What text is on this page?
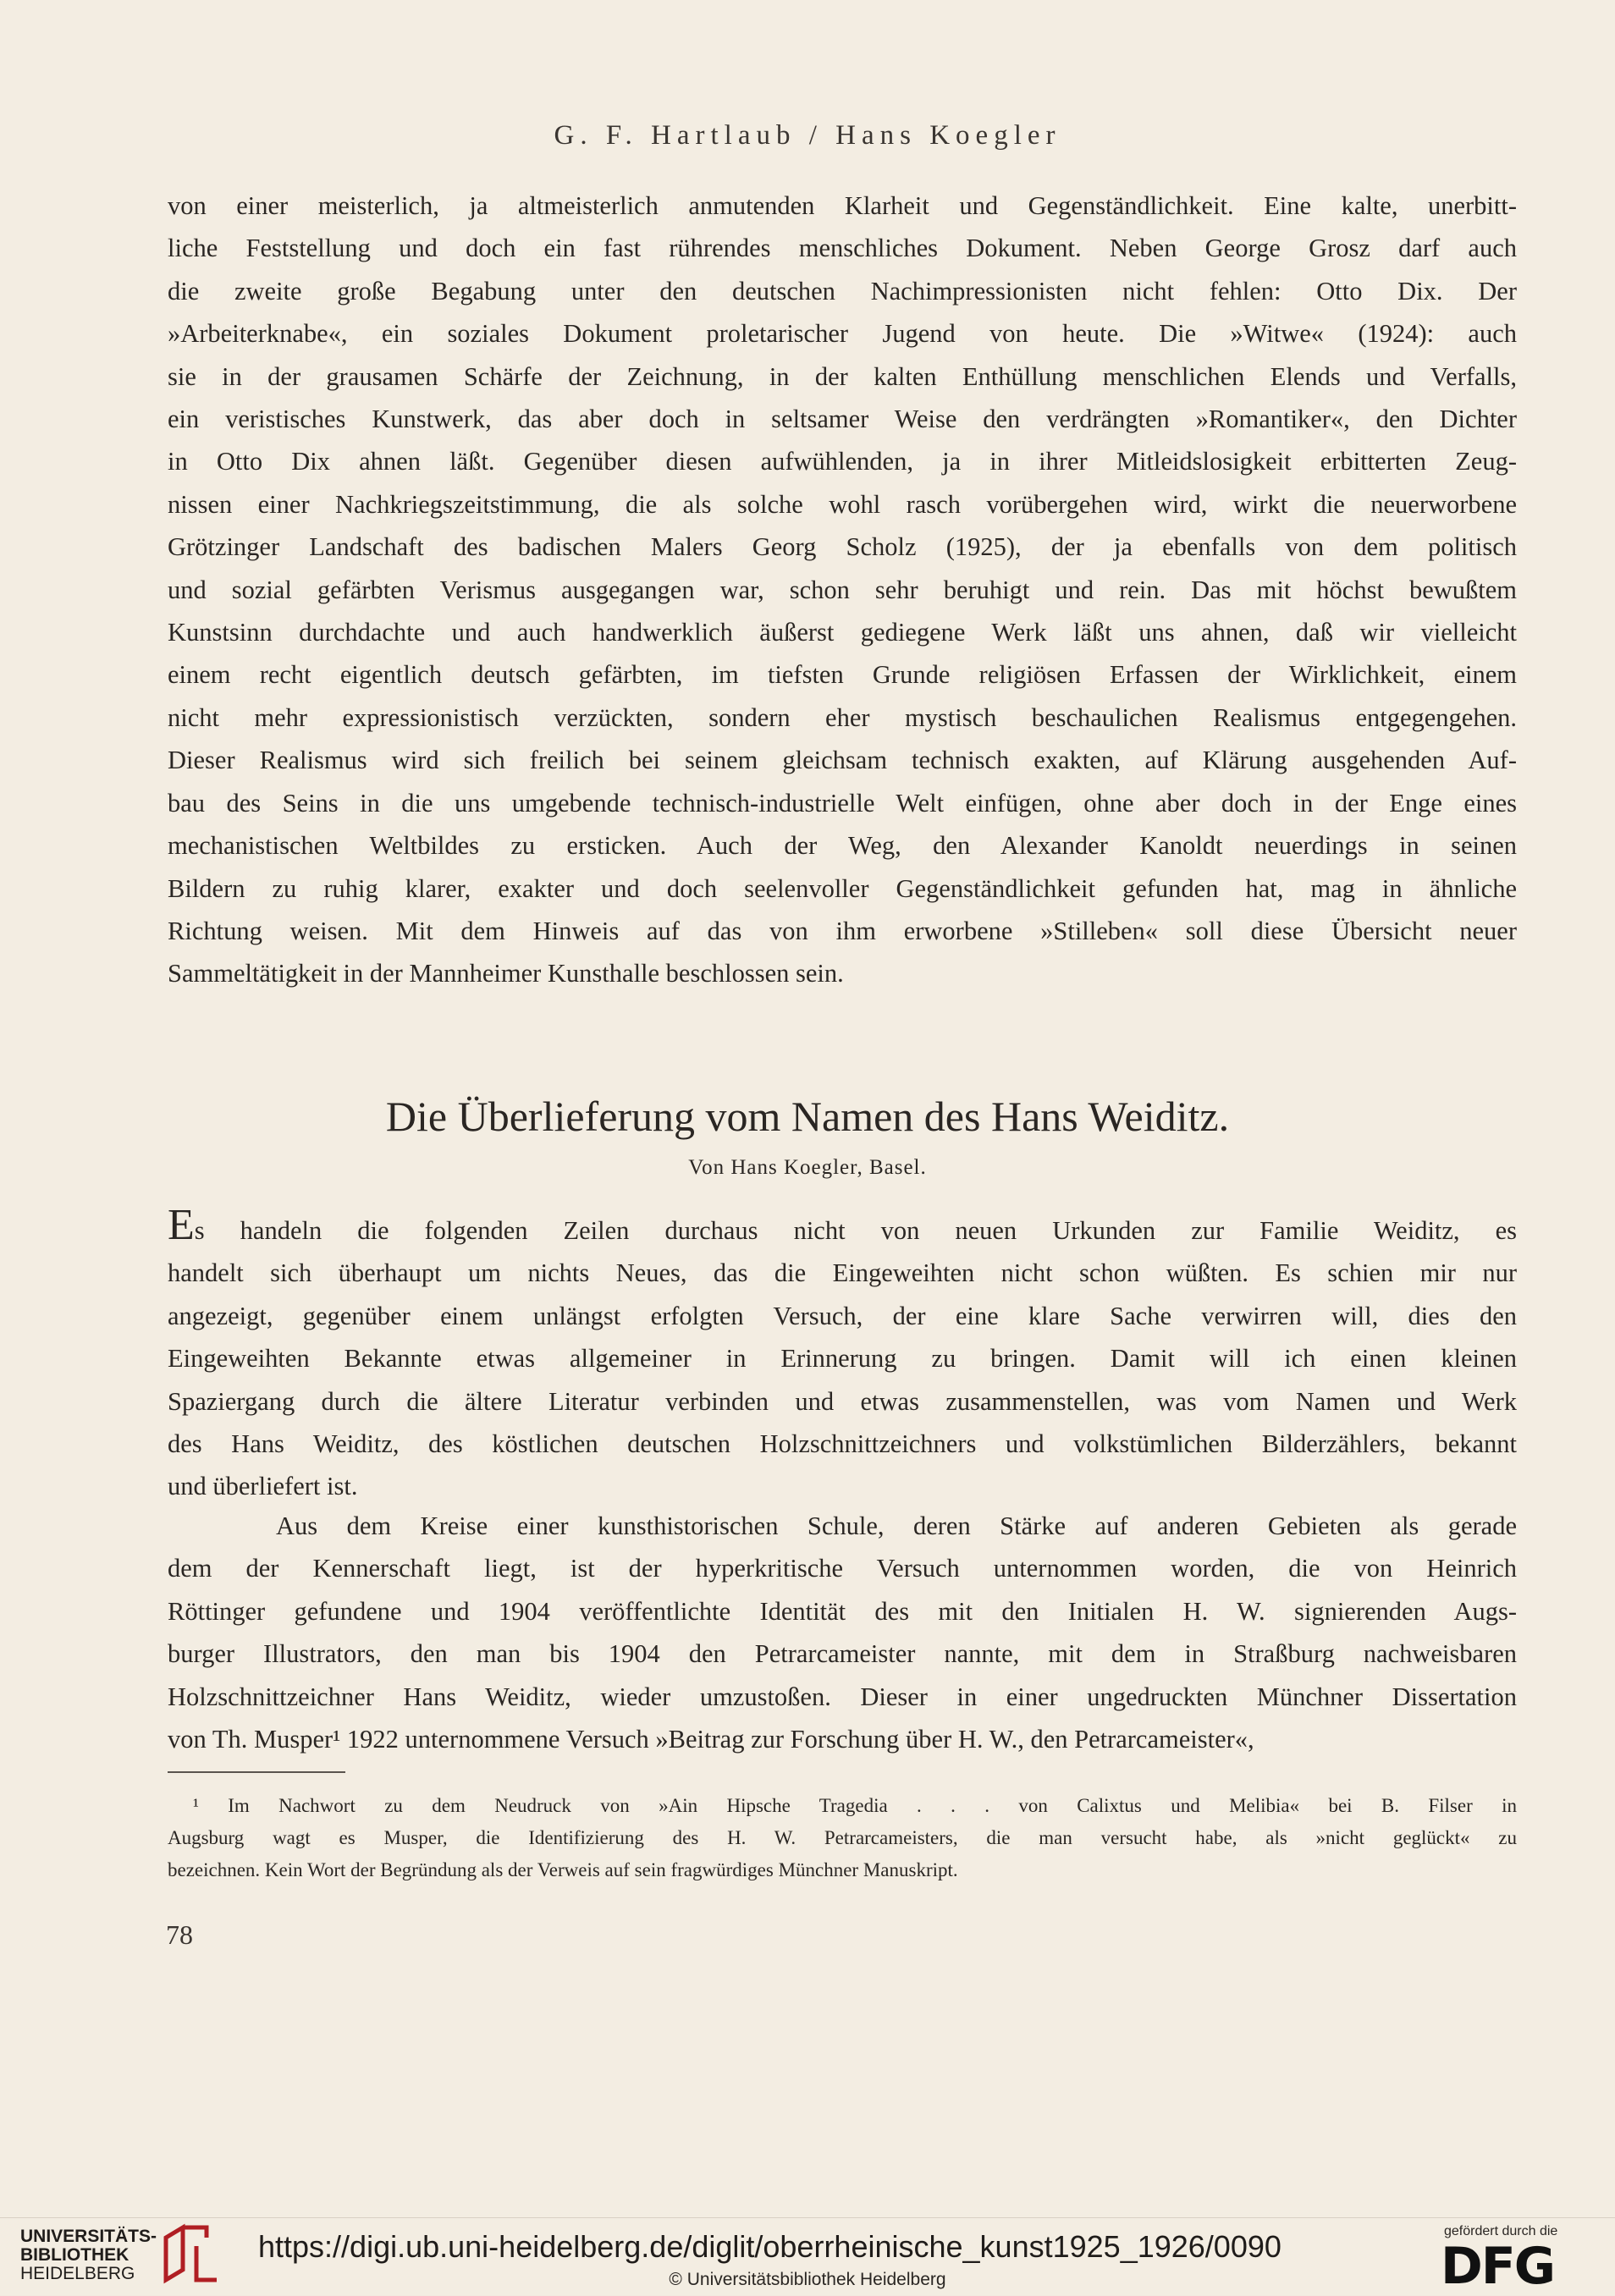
G. F. Hartlaub / Hans Koegler

von einer meisterlich, ja altmeisterlich anmutenden Klarheit und Gegenständlichkeit. Eine kalte, unerbitt-
liche Feststellung und doch ein fast rührendes menschliches Dokument. Neben George Grosz darf auch
die zweite große Begabung unter den deutschen Nachimpressionisten nicht fehlen: Otto Dix. Der
»Arbeiterknabe«, ein soziales Dokument proletarischer Jugend von heute. Die »Witwe« (1924): auch
sie in der grausamen Schärfe der Zeichnung, in der kalten Enthüllung menschlichen Elends und Verfalls,
ein veristisches Kunstwerk, das aber doch in seltsamer Weise den verdrängten »Romantiker«, den Dichter
in Otto Dix ahnen läßt. Gegenüber diesen aufwühlenden, ja in ihrer Mitleidslosigkeit erbitterten Zeug-
nissen einer Nachkriegszeitstimmung, die als solche wohl rasch vorübergehen wird, wirkt die neuerworbene
Grötzinger Landschaft des badischen Malers Georg Scholz (1925), der ja ebenfalls von dem politisch
und sozial gefärbten Verismus ausgegangen war, schon sehr beruhigt und rein. Das mit höchst bewußtem
Kunstsinn durchdachte und auch handwerklich äußerst gediegene Werk läßt uns ahnen, daß wir vielleicht
einem recht eigentlich deutsch gefärbten, im tiefsten Grunde religiösen Erfassen der Wirklichkeit, einem
nicht mehr expressionistisch verzückten, sondern eher mystisch beschaulichen Realismus entgegengehen.
Dieser Realismus wird sich freilich bei seinem gleichsam technisch exakten, auf Klärung ausgehenden Auf-
bau des Seins in die uns umgebende technisch-industrielle Welt einfügen, ohne aber doch in der Enge eines
mechanistischen Weltbildes zu ersticken. Auch der Weg, den Alexander Kanoldt neuerdings in seinen
Bildern zu ruhig klarer, exakter und doch seelenvoller Gegenständlichkeit gefunden hat, mag in ähnliche
Richtung weisen. Mit dem Hinweis auf das von ihm erworbene »Stilleben« soll diese Übersicht neuer
Sammeltätigkeit in der Mannheimer Kunsthalle beschlossen sein.

Die Überlieferung vom Namen des Hans Weiditz.
Von Hans Koegler, Basel.

Es handeln die folgenden Zeilen durchaus nicht von neuen Urkunden zur Familie Weiditz, es
handelt sich überhaupt um nichts Neues, das die Eingeweihten nicht schon wüßten. Es schien mir nur
angezeigt, gegenüber einem unlängst erfolgten Versuch, der eine klare Sache verwirren will, dies den
Eingeweihten Bekannte etwas allgemeiner in Erinnerung zu bringen. Damit will ich einen kleinen
Spaziergang durch die ältere Literatur verbinden und etwas zusammenstellen, was vom Namen und Werk
des Hans Weiditz, des köstlichen deutschen Holzschnittzeichners und volkstümlichen Bilderzählers, bekannt
und überliefert ist.

Aus dem Kreise einer kunsthistorischen Schule, deren Stärke auf anderen Gebieten als gerade
dem der Kennerschaft liegt, ist der hyperkritische Versuch unternommen worden, die von Heinrich
Röttinger gefundene und 1904 veröffentlichte Identität des mit den Initialen H. W. signierenden Augs-
burger Illustrators, den man bis 1904 den Petrarcameister nannte, mit dem in Straßburg nachweisbaren
Holzschnittzeichner Hans Weiditz, wieder umzustoßen. Dieser in einer ungedruckten Münchner Dissertation
von Th. Musper¹ 1922 unternommene Versuch »Beitrag zur Forschung über H. W., den Petrarcameister«,

¹ Im Nachwort zu dem Neudruck von »Ain Hipsche Tragedia . . . von Calixtus und Melibia« bei B. Filser in
Augsburg wagt es Musper, die Identifizierung des H. W. Petrarcameisters, die man versucht habe, als »nicht geglückt« zu
bezeichnen. Kein Wort der Begründung als der Verweis auf sein fragwürdiges Münchner Manuskript.
78
UNIVERSITÄTS-
BIBLIOTHEK
HEIDELBERG
https://digi.ub.uni-heidelberg.de/diglit/oberrheinische_kunst1925_1926/0090
© Universitätsbibliothek Heidelberg
gefördert durch die
DFG
